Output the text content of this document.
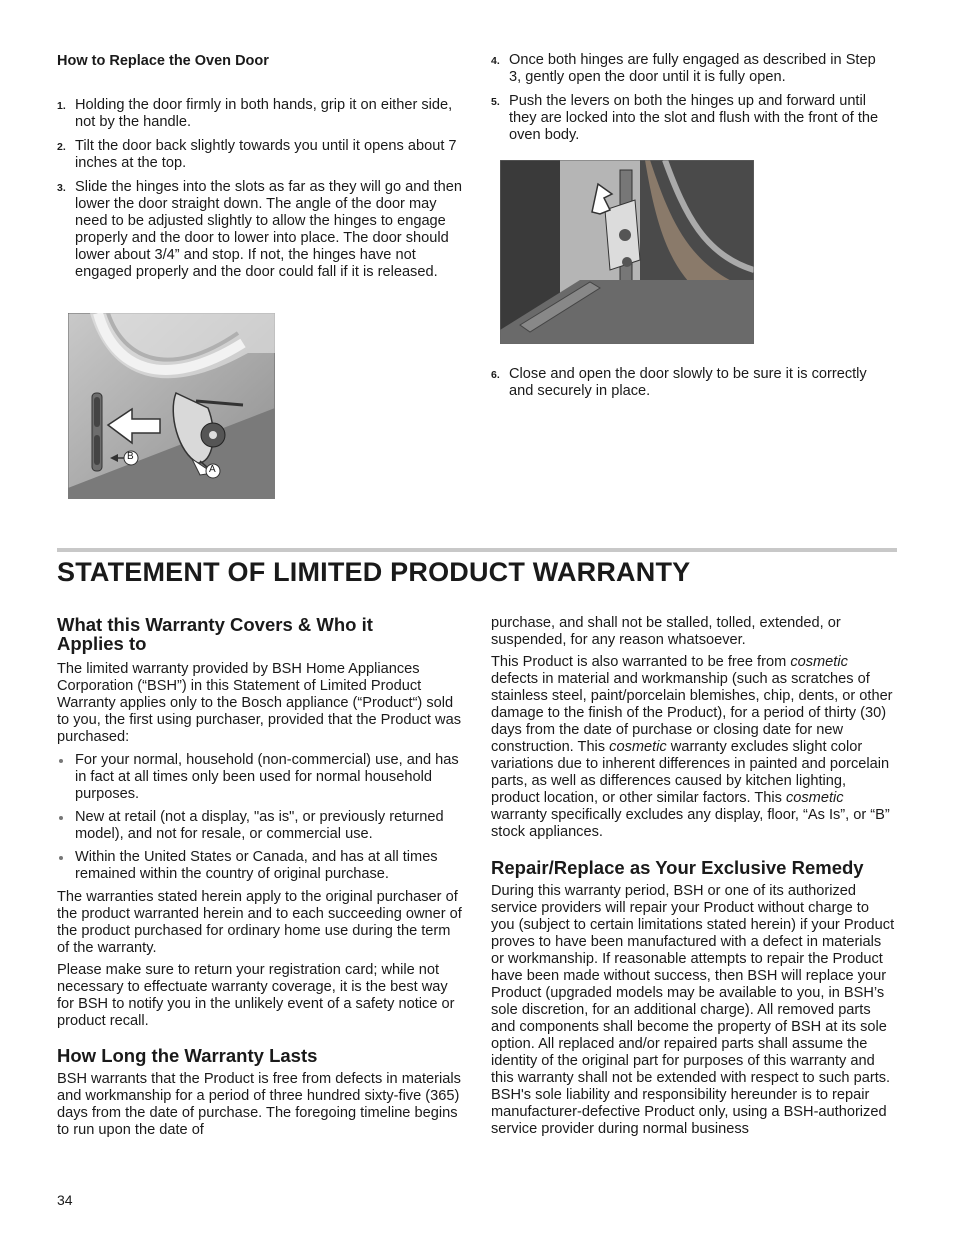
How to Replace the Oven Door
1. Holding the door firmly in both hands, grip it on either side, not by the handle.
2. Tilt the door back slightly towards you until it opens about 7 inches at the top.
3. Slide the hinges into the slots as far as they will go and then lower the door straight down. The angle of the door may need to be adjusted slightly to allow the hinges to engage properly and the door to lower into place. The door should lower about 3/4” and stop. If not, the hinges have not engaged properly and the door could fall if it is released.
4. Once both hinges are fully engaged as described in Step 3, gently open the door until it is fully open.
5. Push the levers on both the hinges up and forward until they are locked into the slot and flush with the front of the oven body.
B
A
6. Close and open the door slowly to be sure it is correctly and securely in place.
STATEMENT OF LIMITED PRODUCT WARRANTY
What this Warranty Covers & Who it Applies to

The limited warranty provided by BSH Home Appliances Corporation (“BSH”) in this Statement of Limited Product Warranty applies only to the Bosch appliance (“Product“) sold to you, the first using purchaser, provided that the Product was purchased:

For your normal, household (non-commercial) use, and has in fact at all times only been used for normal household purposes.
New at retail (not a display, "as is", or previously returned model), and not for resale, or commercial use.
Within the United States or Canada, and has at all times remained within the country of original purchase.

The warranties stated herein apply to the original purchaser of the product warranted herein and to each succeeding owner of the product purchased for ordinary home use during the term of the warranty.

Please make sure to return your registration card; while not necessary to effectuate warranty coverage, it is the best way for BSH to notify you in the unlikely event of a safety notice or product recall.

How Long the Warranty Lasts

BSH warrants that the Product is free from defects in materials and workmanship for a period of three hundred sixty-five (365) days from the date of purchase. The foregoing timeline begins to run upon the date of

purchase, and shall not be stalled, tolled, extended, or suspended, for any reason whatsoever.

This Product is also warranted to be free from cosmetic defects in material and workmanship (such as scratches of stainless steel, paint/porcelain blemishes, chip, dents, or other damage to the finish of the Product), for a period of thirty (30) days from the date of purchase or closing date for new construction. This cosmetic warranty excludes slight color variations due to inherent differences in painted and porcelain parts, as well as differences caused by kitchen lighting, product location, or other similar factors. This cosmetic warranty specifically excludes any display, floor, “As Is”, or “B” stock appliances.

Repair/Replace as Your Exclusive Remedy

During this warranty period, BSH or one of its authorized service providers will repair your Product without charge to you (subject to certain limitations stated herein) if your Product proves to have been manufactured with a defect in materials or workmanship. If reasonable attempts to repair the Product have been made without success, then BSH will replace your Product (upgraded models may be available to you, in BSH’s sole discretion, for an additional charge). All removed parts and components shall become the property of BSH at its sole option. All replaced and/or repaired parts shall assume the identity of the original part for purposes of this warranty and this warranty shall not be extended with respect to such parts. BSH's sole liability and responsibility hereunder is to repair manufacturer-defective Product only, using a BSH-authorized service provider during normal business

34
